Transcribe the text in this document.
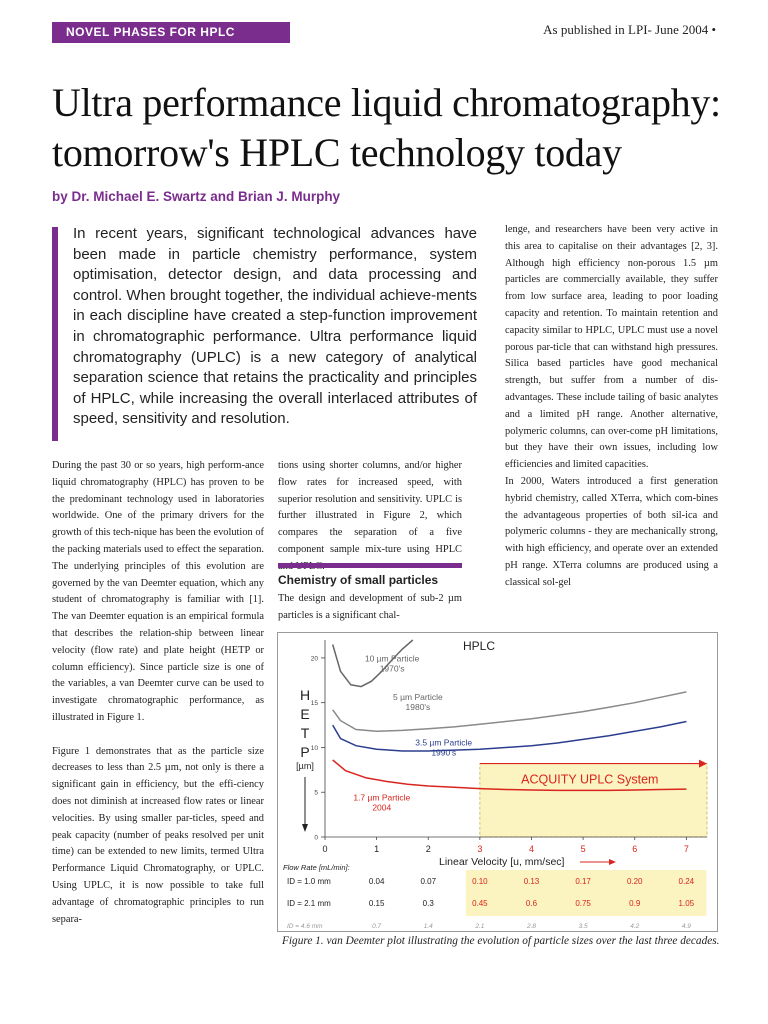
NOVEL PHASES FOR HPLC	As published in LPI- June 2004 •
Ultra performance liquid chromatography:
tomorrow's HPLC technology today
by Dr. Michael E. Swartz and Brian J. Murphy
In recent years, significant technological advances have been made in particle chemistry performance, system optimisation, detector design, and data processing and control. When brought together, the individual achieve-ments in each discipline have created a step-function improvement in chromatographic performance. Ultra performance liquid chromatography (UPLC) is a new category of analytical separation science that retains the practicality and principles of HPLC, while increasing the overall interlaced attributes of speed, sensitivity and resolution.

During the past 30 or so years, high perform-ance liquid chromatography (HPLC) has proven to be the predominant technology used in laboratories worldwide. One of the primary drivers for the growth of this tech-nique has been the evolution of the packing materials used to effect the separation. The underlying principles of this evolution are governed by the van Deemter equation, which any student of chromatography is familiar with [1]. The van Deemter equation is an empirical formula that describes the relation-ship between linear velocity (flow rate) and plate height (HETP or column efficiency). Since particle size is one of the variables, a van Deemter curve can be used to investigate chromatographic performance, as illustrated in Figure 1.

Figure 1 demonstrates that as the particle size decreases to less than 2.5 µm, not only is there a significant gain in efficiency, but the effi-ciency does not diminish at increased flow rates or linear velocities. By using smaller par-ticles, speed and peak capacity (number of peaks resolved per unit time) can be extended to new limits, termed Ultra Performance Liquid Chromatography, or UPLC. Using UPLC, it is now possible to take full advantage of chromatographic principles to run separa-

tions using shorter columns, and/or higher flow rates for increased speed, with superior resolution and sensitivity. UPLC is further illustrated in Figure 2, which compares the separation of a five component sample mix-ture using HPLC

Chemistry of small particles

The design and development of sub-2 µm particles is a significant chal-

lenge, and researchers have been very active in this area to capitalise on their advantages [2, 3]. Although high efficiency non-porous 1.5 µm particles are commercially available, they suffer from low surface area, leading to poor loading capacity and retention. To maintain retention and capacity similar to HPLC, UPLC must use a novel porous par-ticle that can withstand high pressures. Silica based particles have good mechanical strength, but suffer from a number of dis-advantages. These include tailing of basic analytes and a limited pH range. Another alternative, polymeric columns, can over-come pH limitations, but they have their own issues, including low efficiencies and limited capacities.

In 2000, Waters introduced a first generation hybrid chemistry, called XTerra, which com-bines the advantageous properties of both sil-ica and polymeric columns - they are mechanically strong, with high efficiency, and operate over an extended pH range. XTerra columns are produced using a classical sol-gel

ACQUITY UPLC System
0
5
10
15
20
0	1	2	3	4	5	6	7
H
E
T
P
[µm]
HPLC
Linear Velocity [u, mm/sec]
10 µm Particle
1970's
5 µm Particle
1980's
3.5 µm Particle
1990's
1.7 µm Particle
2004
Flow Rate [mL/min]:
ID = 1.0 mm	0.04	0.07	0.10	0.13	0.17	0.20	0.24
ID = 2.1 mm	0.15	0.3	0.45	0.6	0.75	0.9	1.05
ID = 4.6 mm	0.7	1.4	2.1	2.8	3.5	4.2	4.9
Figure 1. van Deemter plot illustrating the evolution of particle sizes over the last three decades.
